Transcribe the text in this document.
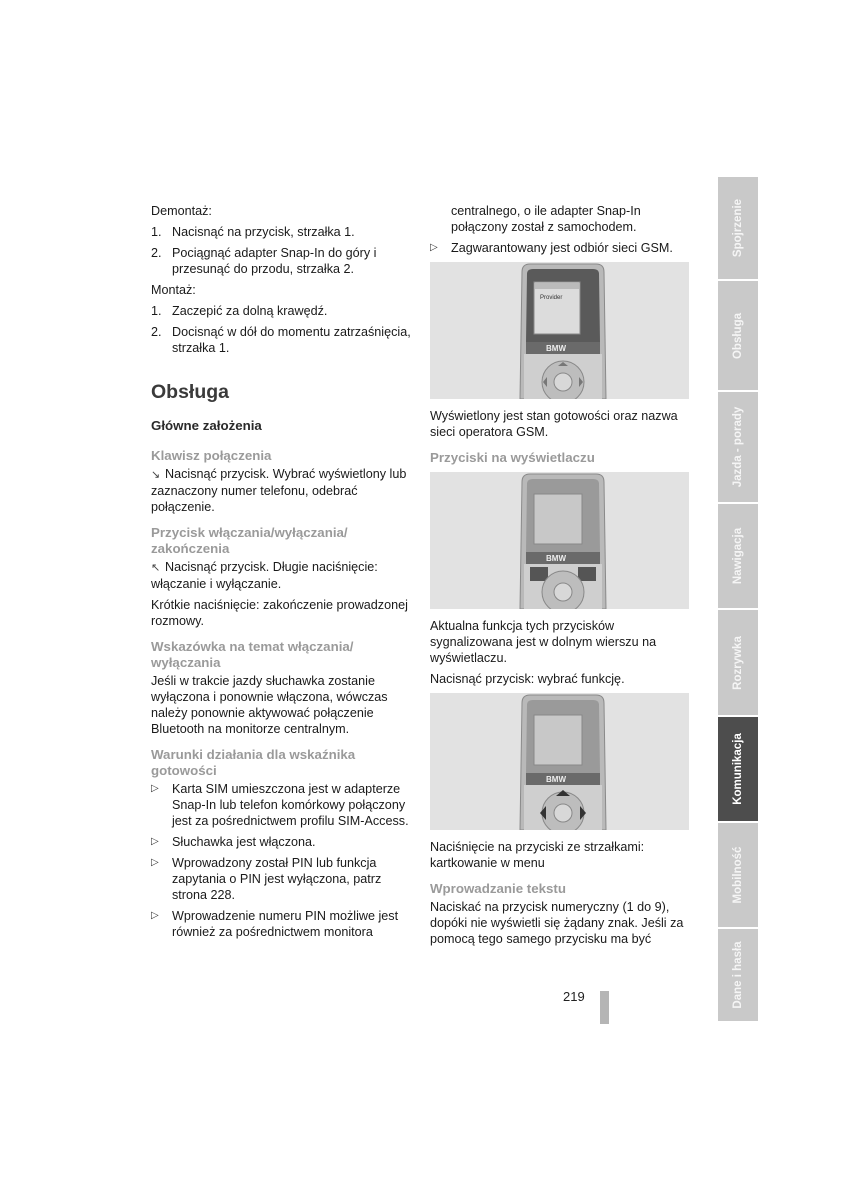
Demontaż:

1. Nacisnąć na przycisk, strzałka 1.
2. Pociągnąć adapter Snap-In do góry i przesunąć do przodu, strzałka 2.

Montaż:

1. Zaczepić za dolną krawędź.
2. Docisnąć w dół do momentu zatrzaśnięcia, strzałka 1.
Obsługa
Główne założenia
Klawisz połączenia

↘ Nacisnąć przycisk. Wybrać wyświetlony lub zaznaczony numer telefonu, odebrać połączenie.

Przycisk włączania/wyłączania/ zakończenia

↖ Nacisnąć przycisk. Długie naciśnięcie: włączanie i wyłączanie.

Krótkie naciśnięcie: zakończenie prowadzonej rozmowy.

Wskazówka na temat włączania/ wyłączania

Jeśli w trakcie jazdy słuchawka zostanie wyłączona i ponownie włączona, wówczas należy ponownie aktywować połączenie Bluetooth na monitorze centralnym.

Warunki działania dla wskaźnika gotowości
▷	Karta SIM umieszczona jest w adapterze Snap-In lub telefon komórkowy połączony jest za pośrednictwem profilu SIM-Access.
▷	Słuchawka jest włączona.
▷	Wprowadzony został PIN lub funkcja zapytania o PIN jest wyłączona, patrz strona 228.
▷	Wprowadzenie numeru PIN możliwe jest również za pośrednictwem monitora

centralnego, o ile adapter Snap-In połączony został z samochodem.

▷	Zagwarantowany jest odbiór sieci GSM.
Provider
BMW

Wyświetlony jest stan gotowości oraz nazwa sieci operatora GSM.

Przyciski na wyświetlaczu
BMW

Aktualna funkcja tych przycisków sygnalizowana jest w dolnym wierszu na wyświetlaczu.

Nacisnąć przycisk: wybrać funkcję.

BMW

Naciśnięcie na przyciski ze strzałkami: kartkowanie w menu

Wprowadzanie tekstu

Naciskać na przycisk numeryczny (1 do 9), dopóki nie wyświetli się żądany znak. Jeśli za pomocą tego samego przycisku ma być

219
Spojrzenie
Obsługa
Jazda - porady
Nawigacja
Rozrywka
Komunikacja
Mobilność
Dane i hasła
